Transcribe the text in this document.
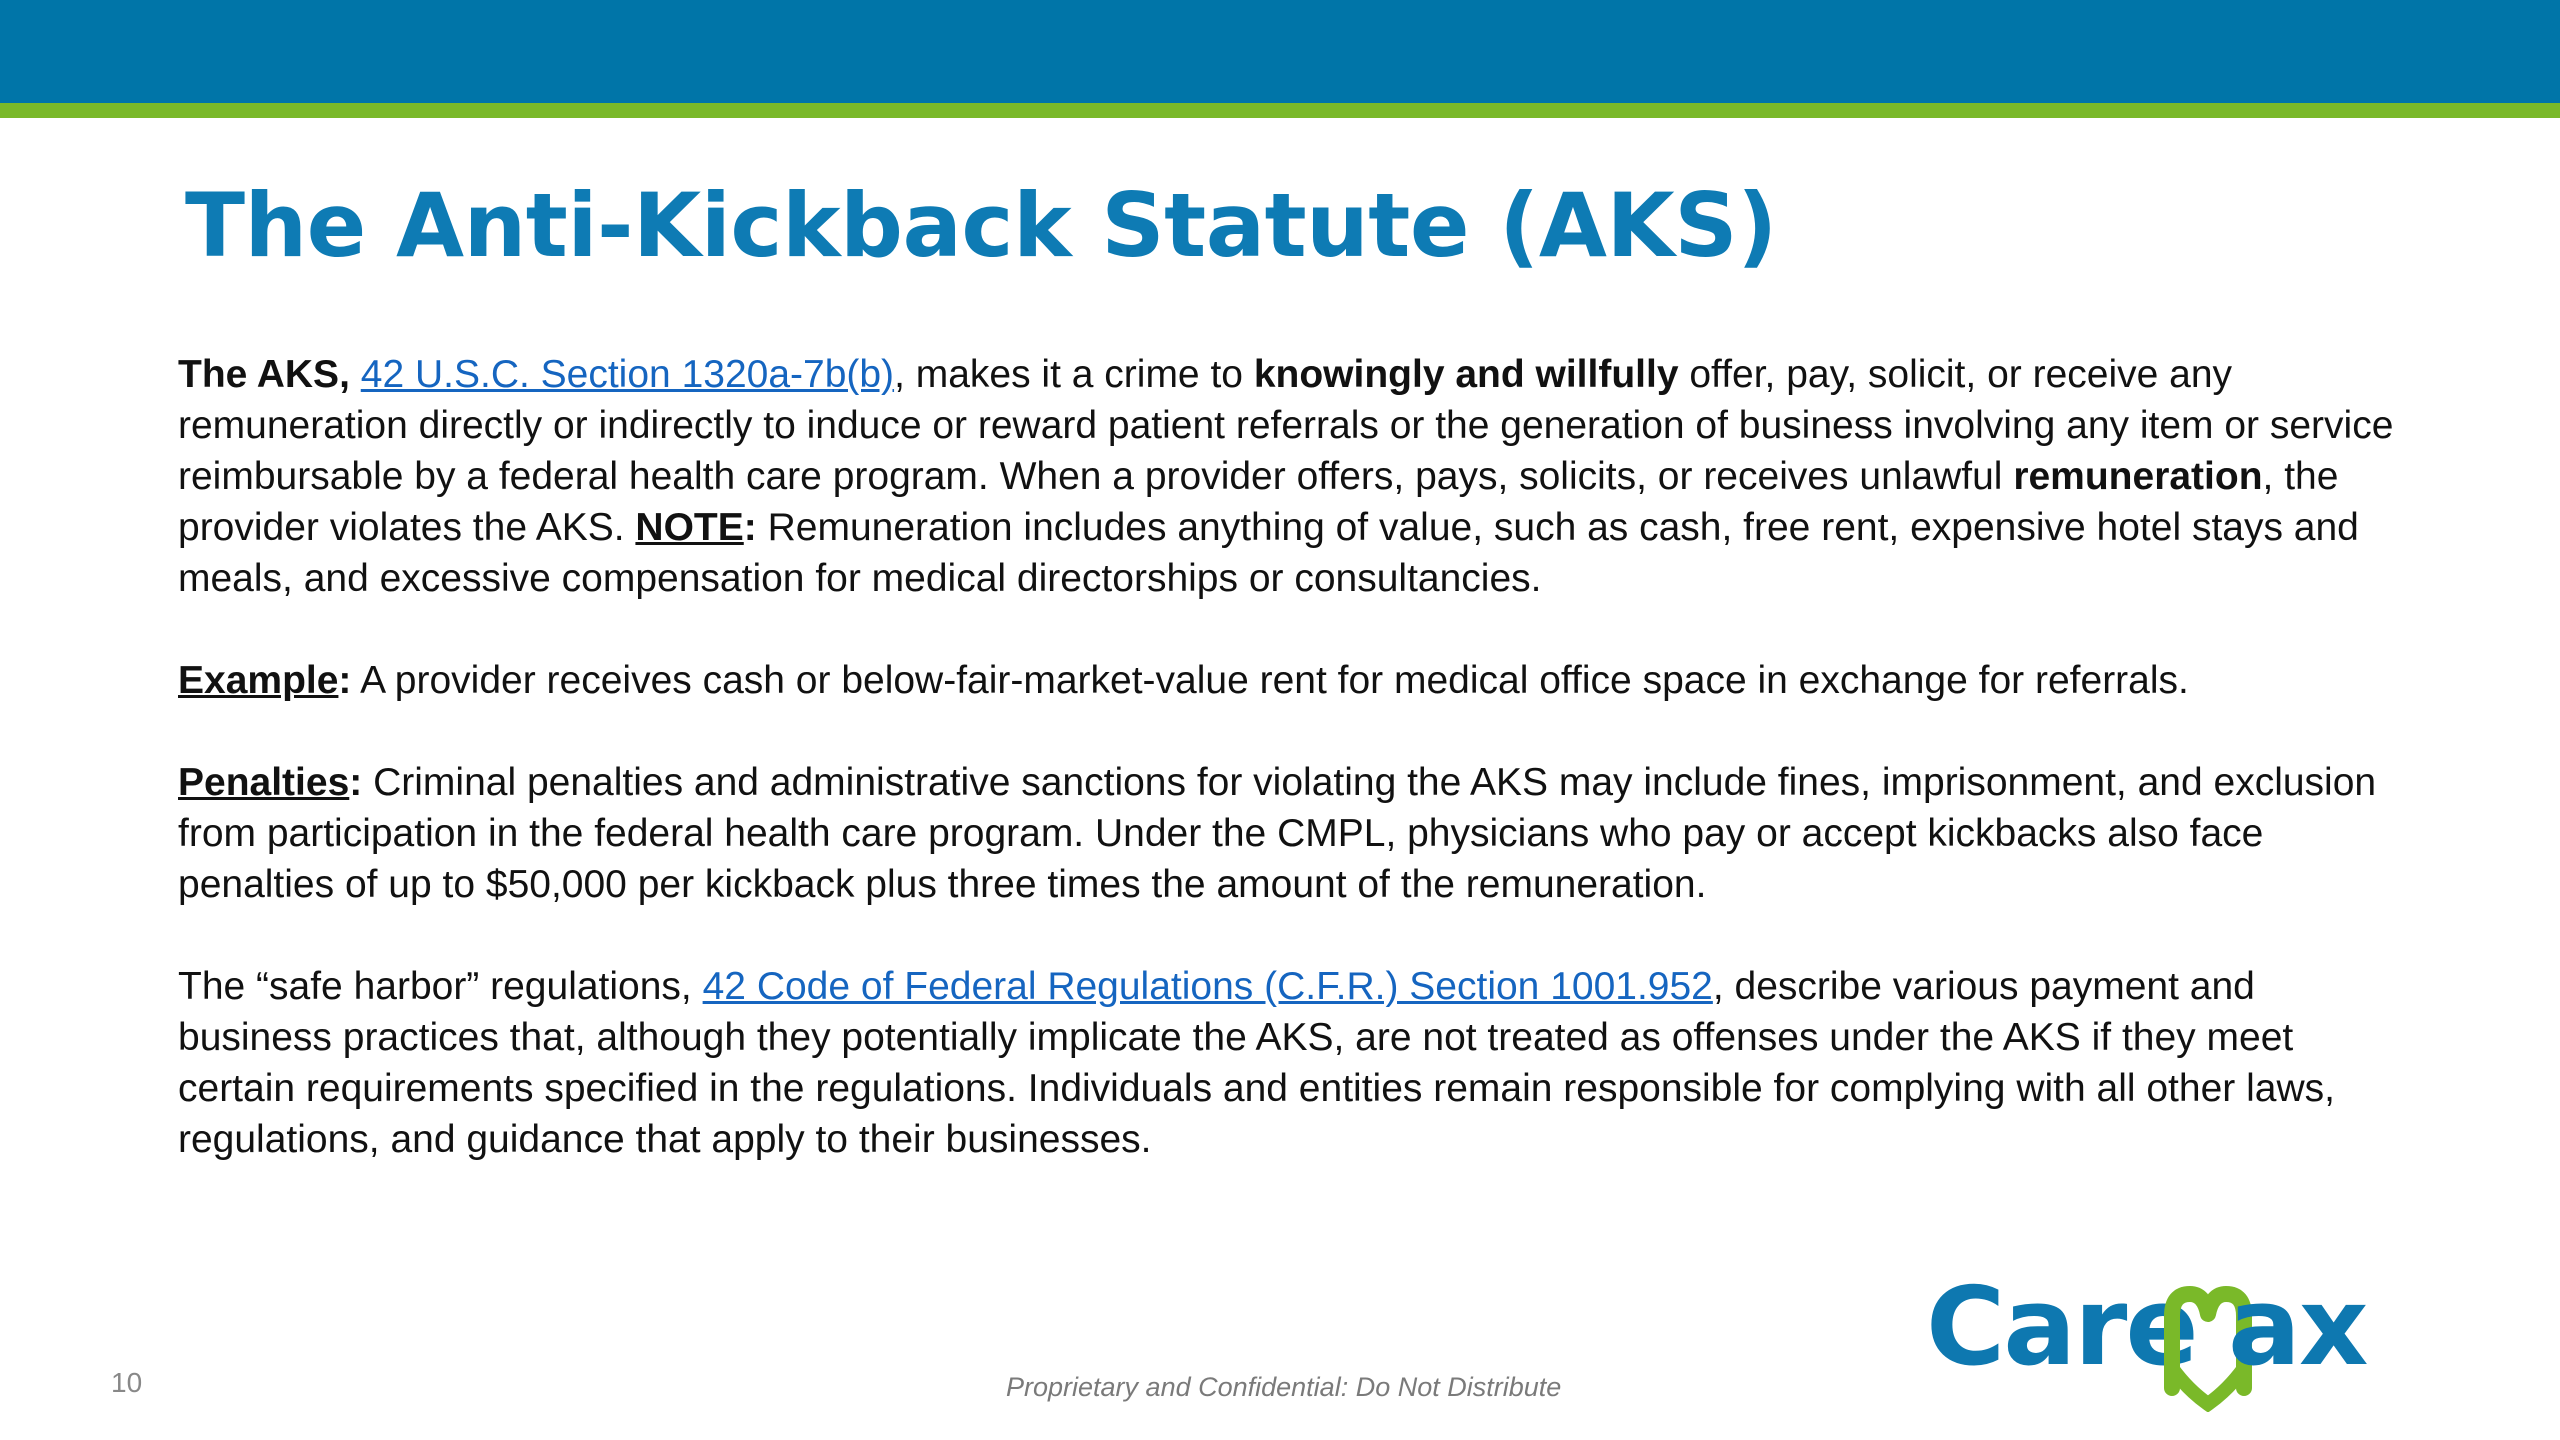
The Anti-Kickback Statute (AKS)

The AKS, 42 U.S.C. Section 1320a-7b(b), makes it a crime to knowingly and willfully offer, pay, solicit, or receive any remuneration directly or indirectly to induce or reward patient referrals or the generation of business involving any item or service reimbursable by a federal health care program. When a provider offers, pays, solicits, or receives unlawful remuneration, the provider violates the AKS. NOTE: Remuneration includes anything of value, such as cash, free rent, expensive hotel stays and meals, and excessive compensation for medical directorships or consultancies.

Example: A provider receives cash or below-fair-market-value rent for medical office space in exchange for referrals.

Penalties: Criminal penalties and administrative sanctions for violating the AKS may include fines, imprisonment, and exclusion from participation in the federal health care program. Under the CMPL, physicians who pay or accept kickbacks also face penalties of up to $50,000 per kickback plus three times the amount of the remuneration.

The “safe harbor” regulations, 42 Code of Federal Regulations (C.F.R.) Section 1001.952, describe various payment and business practices that, although they potentially implicate the AKS, are not treated as offenses under the AKS if they meet certain requirements specified in the regulations. Individuals and entities remain responsible for complying with all other laws, regulations, and guidance that apply to their businesses.

10	Proprietary and Confidential: Do Not Distribute	Care ax
